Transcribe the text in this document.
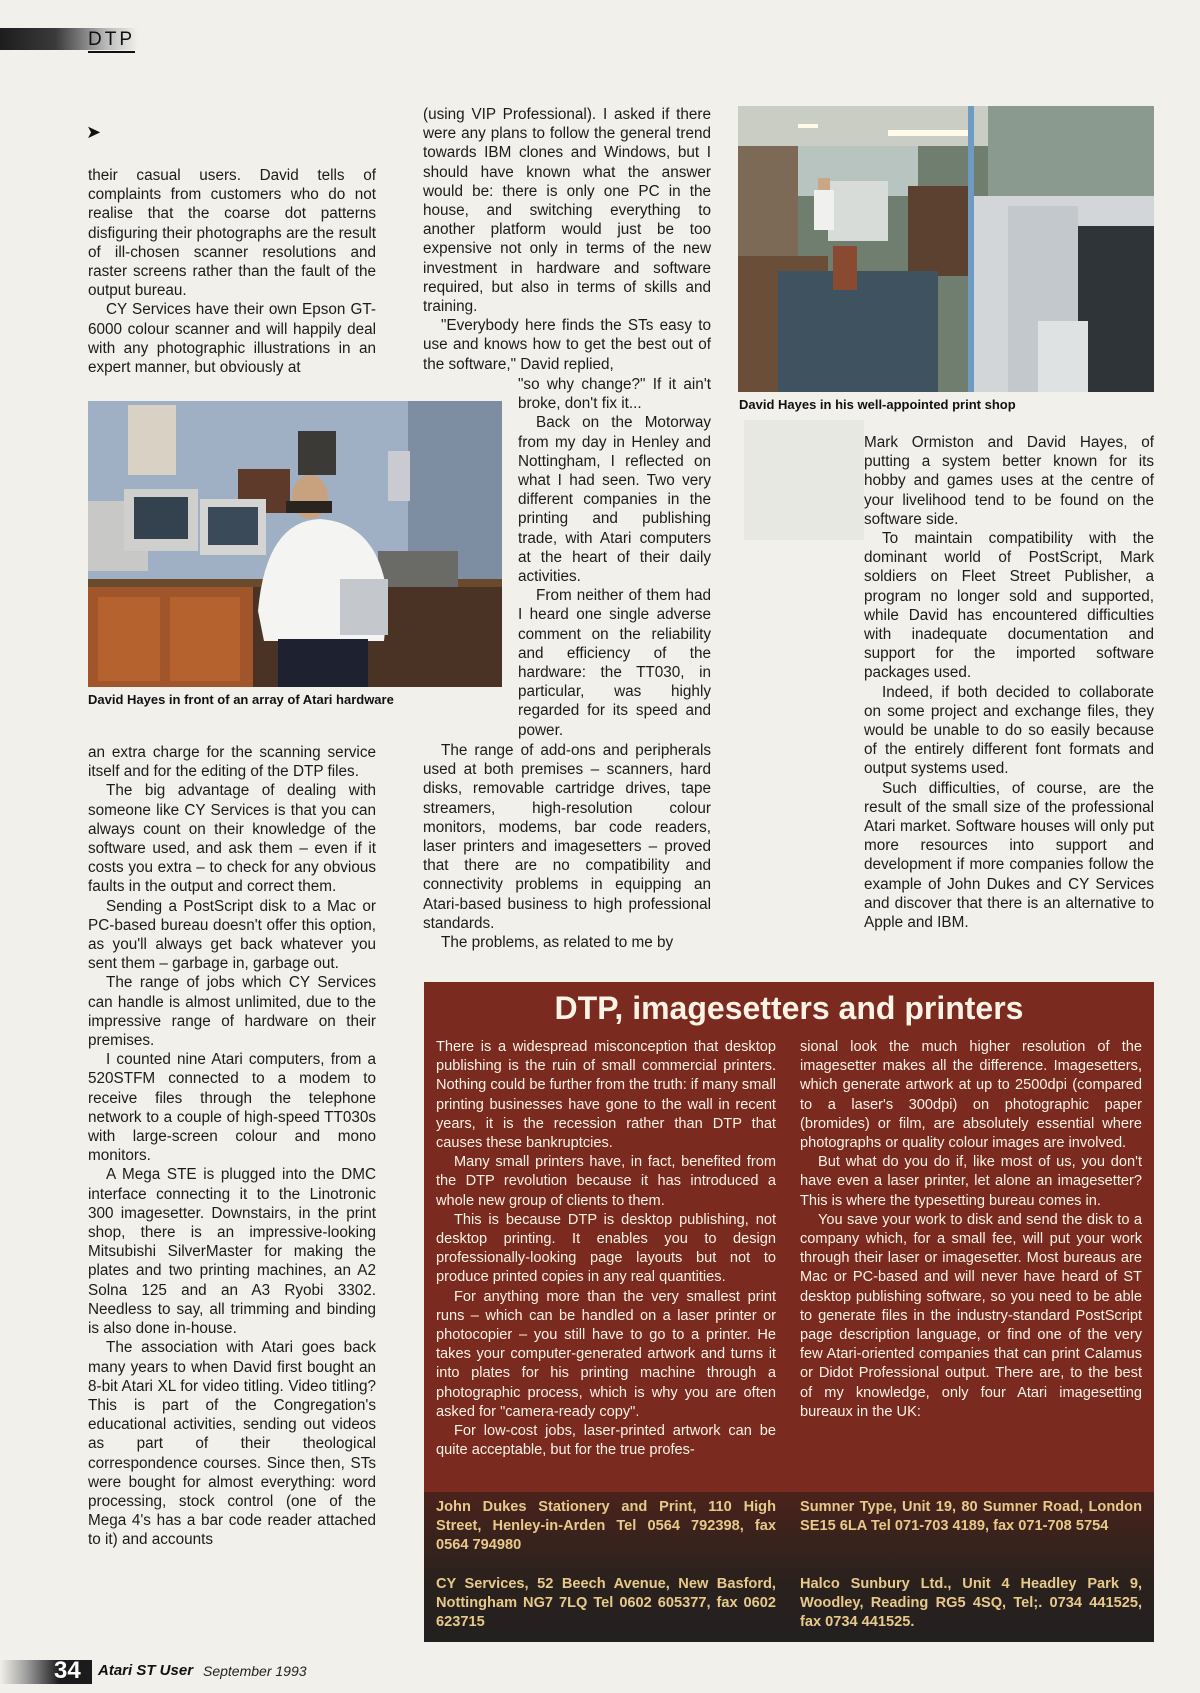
DTP
➤

their casual users. David tells of complaints from customers who do not realise that the coarse dot patterns disfiguring their photographs are the result of ill-chosen scanner resolutions and raster screens rather than the fault of the output bureau.

CY Services have their own Epson GT-6000 colour scanner and will happily deal with any photographic illustrations in an expert manner, but obviously at

David Hayes in front of an array of Atari hardware

an extra charge for the scanning service itself and for the editing of the DTP files.

The big advantage of dealing with someone like CY Services is that you can always count on their knowledge of the software used, and ask them – even if it costs you extra – to check for any obvious faults in the output and correct them.

Sending a PostScript disk to a Mac or PC-based bureau doesn't offer this option, as you'll always get back whatever you sent them – garbage in, garbage out.

The range of jobs which CY Services can handle is almost unlimited, due to the impressive range of hardware on their premises.

I counted nine Atari computers, from a 520STFM connected to a modem to receive files through the telephone network to a couple of high-speed TT030s with large-screen colour and mono monitors.

A Mega STE is plugged into the DMC interface connecting it to the Linotronic 300 imagesetter. Downstairs, in the print shop, there is an impressive-looking Mitsubishi SilverMaster for making the plates and two printing machines, an A2 Solna 125 and an A3 Ryobi 3302. Needless to say, all trimming and binding is also done in-house.

The association with Atari goes back many years to when David first bought an 8-bit Atari XL for video titling. Video titling? This is part of the Congregation's educational activities, sending out videos as part of their theological correspondence courses. Since then, STs were bought for almost everything: word processing, stock control (one of the Mega 4's has a bar code reader attached to it) and accounts

(using VIP Professional). I asked if there were any plans to follow the general trend towards IBM clones and Windows, but I should have known what the answer would be: there is only one PC in the house, and switching everything to another platform would just be too expensive not only in terms of the new investment in hardware and software required, but also in terms of skills and training.

"Everybody here finds the STs easy to use and knows how to get the best out of the software," David replied,

"so why change?" If it ain't broke, don't fix it...

Back on the Motorway from my day in Henley and Nottingham, I reflected on what I had seen. Two very different companies in the printing and publishing trade, with Atari computers at the heart of their daily activities.

From neither of them had I heard one single adverse comment on the reliability and efficiency of the hardware: the TT030, in particular, was highly regarded for its speed and power.

The range of add-ons and peripherals used at both premises – scanners, hard disks, removable cartridge drives, tape streamers, high-resolution colour monitors, modems, bar code readers, laser printers and imagesetters – proved that there are no compatibility and connectivity problems in equipping an Atari-based business to high professional standards.

The problems, as related to me by

David Hayes in his well-appointed print shop

Mark Ormiston and David Hayes, of putting a system better known for its hobby and games uses at the centre of your livelihood tend to be found on the software side.

To maintain compatibility with the dominant world of PostScript, Mark soldiers on Fleet Street Publisher, a program no longer sold and supported, while David has encountered difficulties with inadequate documentation and support for the imported software packages used.

Indeed, if both decided to collaborate on some project and exchange files, they would be unable to do so easily because of the entirely different font formats and output systems used.

Such difficulties, of course, are the result of the small size of the professional Atari market. Software houses will only put more resources into support and development if more companies follow the example of John Dukes and CY Services and discover that there is an alternative to Apple and IBM.

DTP, imagesetters and printers

There is a widespread misconception that desktop publishing is the ruin of small commercial printers. Nothing could be further from the truth: if many small printing businesses have gone to the wall in recent years, it is the recession rather than DTP that causes these bankruptcies.

Many small printers have, in fact, benefited from the DTP revolution because it has introduced a whole new group of clients to them.

This is because DTP is desktop publishing, not desktop printing. It enables you to design professionally-looking page layouts but not to produce printed copies in any real quantities.

For anything more than the very smallest print runs – which can be handled on a laser printer or photocopier – you still have to go to a printer. He takes your computer-generated artwork and turns it into plates for his printing machine through a photographic process, which is why you are often asked for "camera-ready copy".

For low-cost jobs, laser-printed artwork can be quite acceptable, but for the true profes-

sional look the much higher resolution of the imagesetter makes all the difference. Imagesetters, which generate artwork at up to 2500dpi (compared to a laser's 300dpi) on photographic paper (bromides) or film, are absolutely essential where photographs or quality colour images are involved.

But what do you do if, like most of us, you don't have even a laser printer, let alone an imagesetter? This is where the typesetting bureau comes in.

You save your work to disk and send the disk to a company which, for a small fee, will put your work through their laser or imagesetter. Most bureaus are Mac or PC-based and will never have heard of ST desktop publishing software, so you need to be able to generate files in the industry-standard PostScript page description language, or find one of the very few Atari-oriented companies that can print Calamus or Didot Professional output. There are, to the best of my knowledge, only four Atari imagesetting bureaux in the UK:

John Dukes Stationery and Print, 110 High Street, Henley-in-Arden Tel 0564 792398, fax 0564 794980
Sumner Type, Unit 19, 80 Sumner Road, London SE15 6LA Tel 071-703 4189, fax 071-708 5754
CY Services, 52 Beech Avenue, New Basford, Nottingham NG7 7LQ Tel 0602 605377, fax 0602 623715
Halco Sunbury Ltd., Unit 4 Headley Park 9, Woodley, Reading RG5 4SQ, Tel;. 0734 441525, fax 0734 441525.
34 Atari ST User September 1993
